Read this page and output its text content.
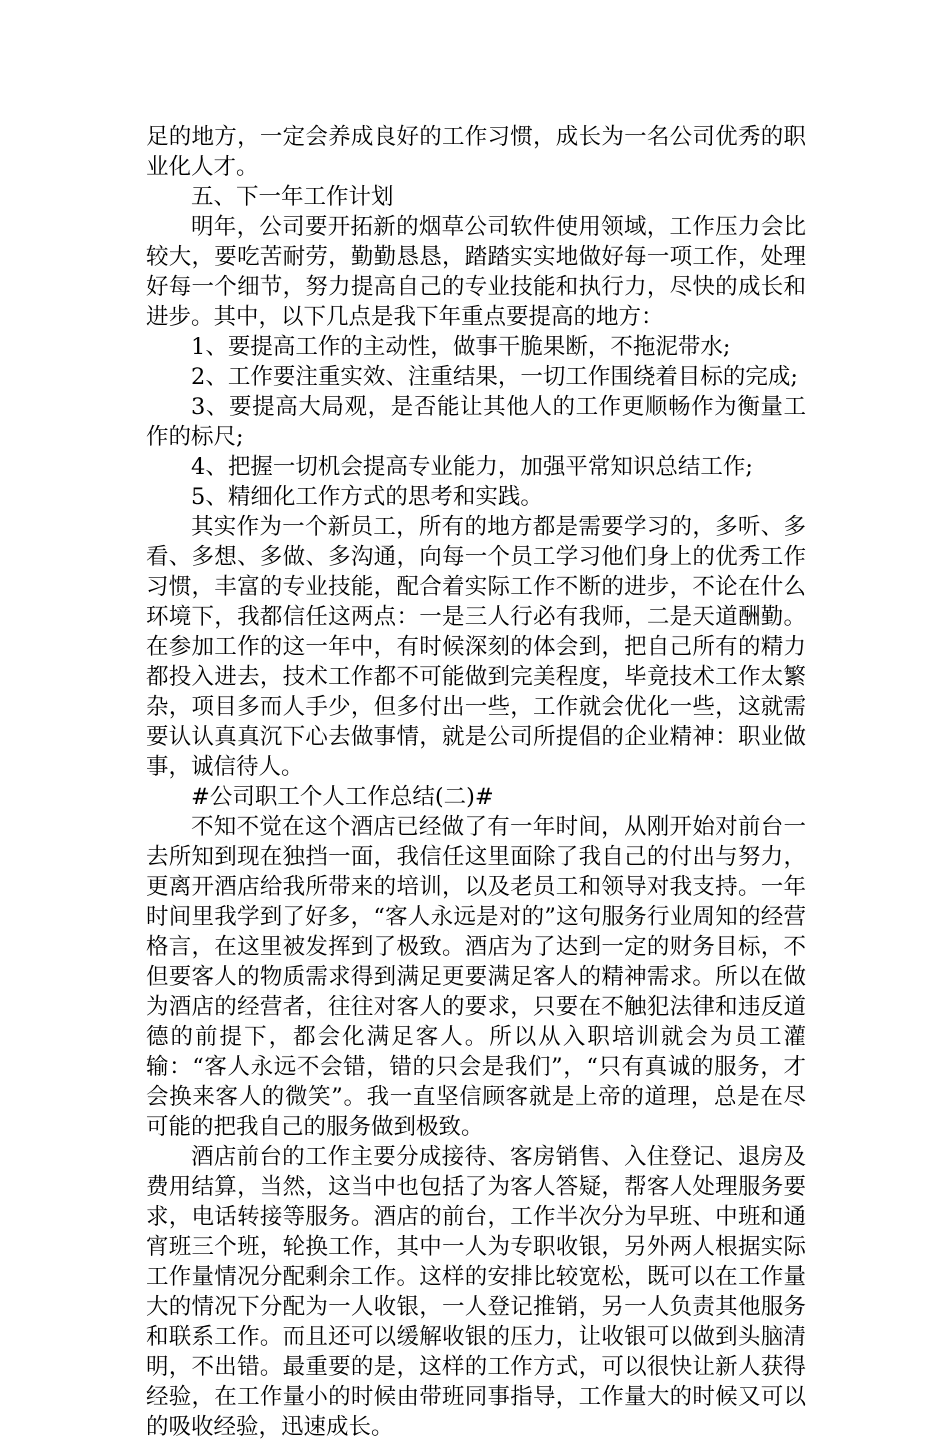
足的地方，一定会养成良好的工作习惯，成长为一名公司优秀的职业化人才。

五、下一年工作计划

明年，公司要开拓新的烟草公司软件使用领域，工作压力会比较大，要吃苦耐劳，勤勤恳恳，踏踏实实地做好每一项工作，处理好每一个细节，努力提高自己的专业技能和执行力，尽快的成长和进步。其中，以下几点是我下年重点要提高的地方：

1、要提高工作的主动性，做事干脆果断，不拖泥带水;

2、工作要注重实效、注重结果，一切工作围绕着目标的完成;

3、要提高大局观，是否能让其他人的工作更顺畅作为衡量工作的标尺;

4、把握一切机会提高专业能力，加强平常知识总结工作;

5、精细化工作方式的思考和实践。

其实作为一个新员工，所有的地方都是需要学习的，多听、多看、多想、多做、多沟通，向每一个员工学习他们身上的优秀工作习惯，丰富的专业技能，配合着实际工作不断的进步，不论在什么环境下，我都信任这两点：一是三人行必有我师，二是天道酬勤。在参加工作的这一年中，有时候深刻的体会到，把自己所有的精力都投入进去，技术工作都不可能做到完美程度，毕竟技术工作太繁杂，项目多而人手少，但多付出一些，工作就会优化一些，这就需要认认真真沉下心去做事情，就是公司所提倡的企业精神：职业做事，诚信待人。

#公司职工个人工作总结(二)#

不知不觉在这个酒店已经做了有一年时间，从刚开始对前台一去所知到现在独挡一面，我信任这里面除了我自己的付出与努力，更离开酒店给我所带来的培训，以及老员工和领导对我支持。一年时间里我学到了好多，“客人永远是对的”这句服务行业周知的经营格言，在这里被发挥到了极致。酒店为了达到一定的财务目标，不但要客人的物质需求得到满足更要满足客人的精神需求。所以在做为酒店的经营者，往往对客人的要求，只要在不触犯法律和违反道德的前提下，都会化满足客人。所以从入职培训就会为员工灌输：“客人永远不会错，错的只会是我们”，“只有真诚的服务，才会换来客人的微笑”。我一直坚信顾客就是上帝的道理，总是在尽可能的把我自己的服务做到极致。

酒店前台的工作主要分成接待、客房销售、入住登记、退房及费用结算，当然，这当中也包括了为客人答疑，帮客人处理服务要求，电话转接等服务。酒店的前台，工作半次分为早班、中班和通宵班三个班，轮换工作，其中一人为专职收银，另外两人根据实际工作量情况分配剩余工作。这样的安排比较宽松，既可以在工作量大的情况下分配为一人收银，一人登记推销，另一人负责其他服务和联系工作。而且还可以缓解收银的压力，让收银可以做到头脑清明，不出错。最重要的是，这样的工作方式，可以很快让新人获得经验，在工作量小的时候由带班同事指导，工作量大的时候又可以的吸收经验，迅速成长。
